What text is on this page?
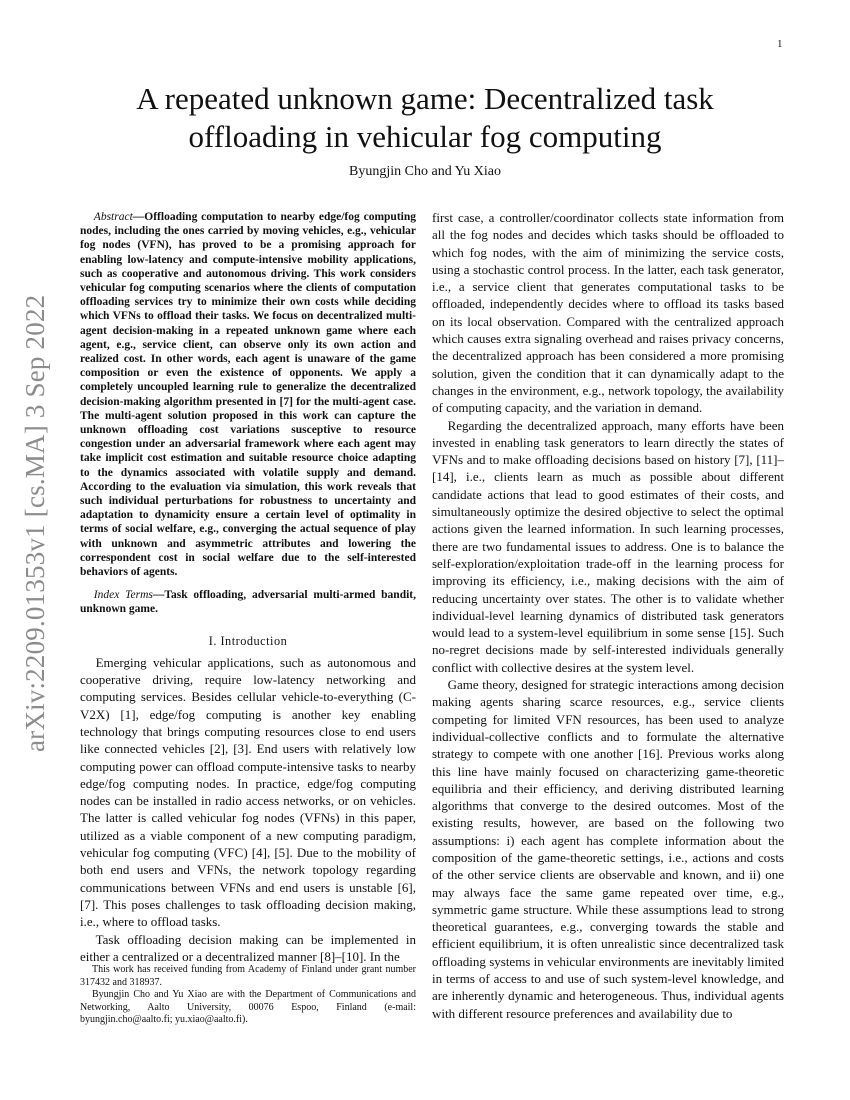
1
arXiv:2209.01353v1 [cs.MA] 3 Sep 2022
A repeated unknown game: Decentralized task offloading in vehicular fog computing
Byungjin Cho and Yu Xiao

Abstract—Offloading computation to nearby edge/fog computing nodes, including the ones carried by moving vehicles, e.g., vehicular fog nodes (VFN), has proved to be a promising approach for enabling low-latency and compute-intensive mobility applications, such as cooperative and autonomous driving. This work considers vehicular fog computing scenarios where the clients of computation offloading services try to minimize their own costs while deciding which VFNs to offload their tasks. We focus on decentralized multi-agent decision-making in a repeated unknown game where each agent, e.g., service client, can observe only its own action and realized cost. In other words, each agent is unaware of the game composition or even the existence of opponents. We apply a completely uncoupled learning rule to generalize the decentralized decision-making algorithm presented in [7] for the multi-agent case. The multi-agent solution proposed in this work can capture the unknown offloading cost variations susceptive to resource congestion under an adversarial framework where each agent may take implicit cost estimation and suitable resource choice adapting to the dynamics associated with volatile supply and demand. According to the evaluation via simulation, this work reveals that such individual perturbations for robustness to uncertainty and adaptation to dynamicity ensure a certain level of optimality in terms of social welfare, e.g., converging the actual sequence of play with unknown and asymmetric attributes and lowering the correspondent cost in social welfare due to the self-interested behaviors of agents.

Index Terms—Task offloading, adversarial multi-armed bandit, unknown game.

I. Introduction

Emerging vehicular applications, such as autonomous and cooperative driving, require low-latency networking and computing services. Besides cellular vehicle-to-everything (C-V2X) [1], edge/fog computing is another key enabling technology that brings computing resources close to end users like connected vehicles [2], [3]. End users with relatively low computing power can offload compute-intensive tasks to nearby edge/fog computing nodes. In practice, edge/fog computing nodes can be installed in radio access networks, or on vehicles. The latter is called vehicular fog nodes (VFNs) in this paper, utilized as a viable component of a new computing paradigm, vehicular fog computing (VFC) [4], [5]. Due to the mobility of both end users and VFNs, the network topology regarding communications between VFNs and end users is unstable [6], [7]. This poses challenges to task offloading decision making, i.e., where to offload tasks.

Task offloading decision making can be implemented in either a centralized or a decentralized manner [8]–[10]. In the

This work has received funding from Academy of Finland under grant number 317432 and 318937.

Byungjin Cho and Yu Xiao are with the Department of Communications and Networking, Aalto University, 00076 Espoo, Finland (e-mail: byungjin.cho@aalto.fi; yu.xiao@aalto.fi).

first case, a controller/coordinator collects state information from all the fog nodes and decides which tasks should be offloaded to which fog nodes, with the aim of minimizing the service costs, using a stochastic control process. In the latter, each task generator, i.e., a service client that generates computational tasks to be offloaded, independently decides where to offload its tasks based on its local observation. Compared with the centralized approach which causes extra signaling overhead and raises privacy concerns, the decentralized approach has been considered a more promising solution, given the condition that it can dynamically adapt to the changes in the environment, e.g., network topology, the availability of computing capacity, and the variation in demand.

Regarding the decentralized approach, many efforts have been invested in enabling task generators to learn directly the states of VFNs and to make offloading decisions based on history [7], [11]–[14], i.e., clients learn as much as possible about different candidate actions that lead to good estimates of their costs, and simultaneously optimize the desired objective to select the optimal actions given the learned information. In such learning processes, there are two fundamental issues to address. One is to balance the self-exploration/exploitation trade-off in the learning process for improving its efficiency, i.e., making decisions with the aim of reducing uncertainty over states. The other is to validate whether individual-level learning dynamics of distributed task generators would lead to a system-level equilibrium in some sense [15]. Such no-regret decisions made by self-interested individuals generally conflict with collective desires at the system level.

Game theory, designed for strategic interactions among decision making agents sharing scarce resources, e.g., service clients competing for limited VFN resources, has been used to analyze individual-collective conflicts and to formulate the alternative strategy to compete with one another [16]. Previous works along this line have mainly focused on characterizing game-theoretic equilibria and their efficiency, and deriving distributed learning algorithms that converge to the desired outcomes. Most of the existing results, however, are based on the following two assumptions: i) each agent has complete information about the composition of the game-theoretic settings, i.e., actions and costs of the other service clients are observable and known, and ii) one may always face the same game repeated over time, e.g., symmetric game structure. While these assumptions lead to strong theoretical guarantees, e.g., converging towards the stable and efficient equilibrium, it is often unrealistic since decentralized task offloading systems in vehicular environments are inevitably limited in terms of access to and use of such system-level knowledge, and are inherently dynamic and heterogeneous. Thus, individual agents with different resource preferences and availability due to
